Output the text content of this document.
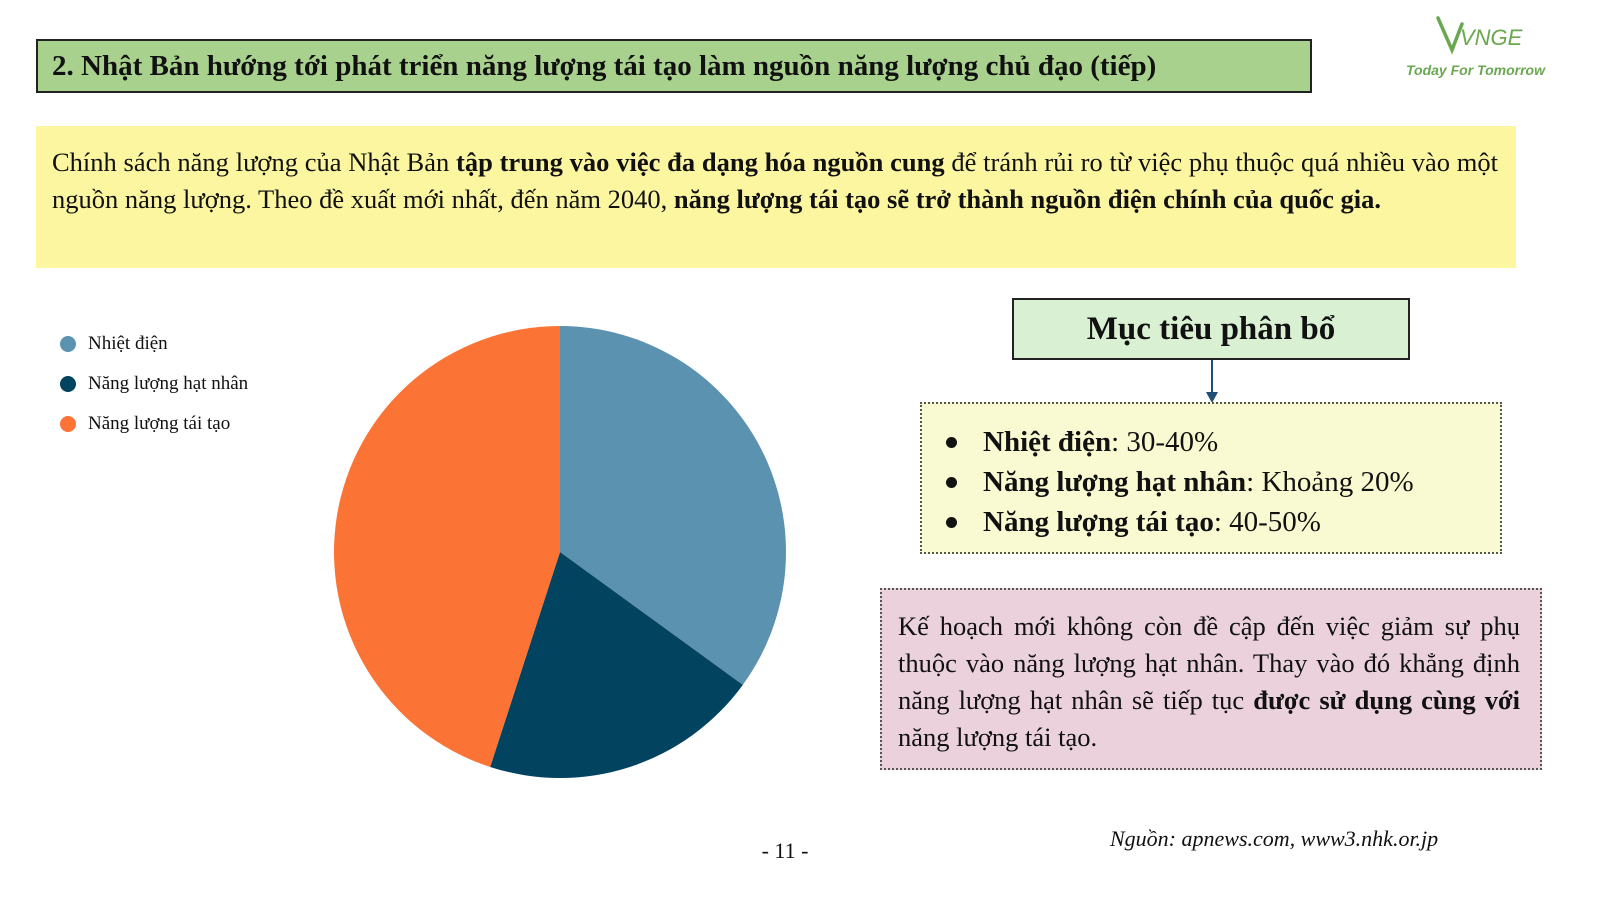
2. Nhật Bản hướng tới phát triển năng lượng tái tạo làm nguồn năng lượng chủ đạo (tiếp)
VNGE
Today For Tomorrow
Chính sách năng lượng của Nhật Bản tập trung vào việc đa dạng hóa nguồn cung để tránh rủi ro từ việc phụ thuộc quá nhiều vào một nguồn năng lượng. Theo đề xuất mới nhất, đến năm 2040, năng lượng tái tạo sẽ trở thành nguồn điện chính của quốc gia.
Nhiệt điện
Năng lượng hạt nhân
Năng lượng tái tạo
Mục tiêu phân bổ
Nhiệt điện : 30-40%
Năng lượng hạt nhân : Khoảng 20%
Năng lượng tái tạo : 40-50%
Kế hoạch mới không còn đề cập đến việc giảm sự phụ thuộc vào năng lượng hạt nhân. Thay vào đó khẳng định năng lượng hạt nhân sẽ tiếp tục được sử dụng cùng với năng lượng tái tạo.
- 11 -	Nguồn: apnews.com, www3.nhk.or.jp
